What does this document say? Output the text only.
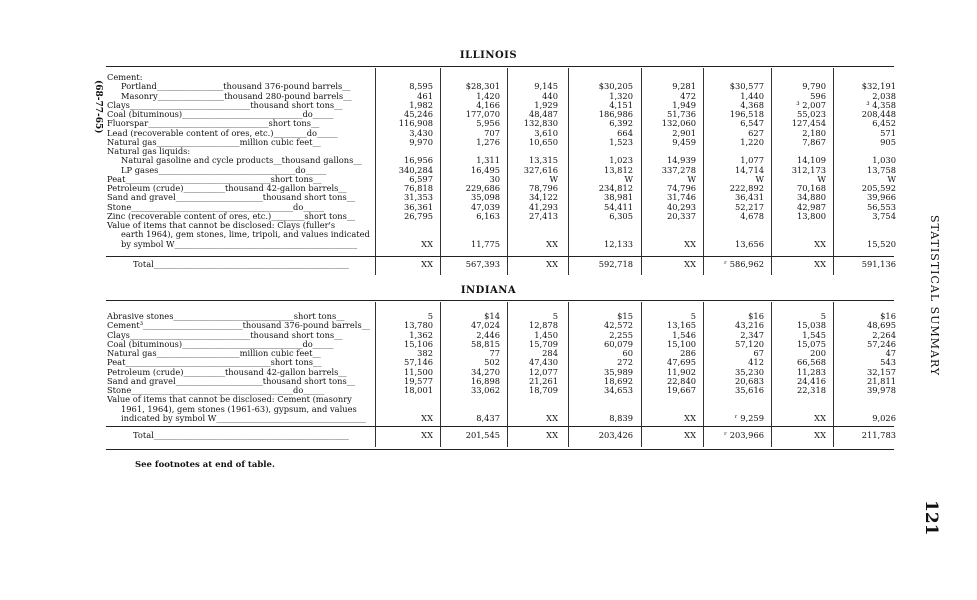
(68-77-65)
STATISTICAL SUMMARY
121
ILLINOIS
INDIANA
See footnotes at end of table.
Cement:
Portland________________thousand 376-pound barrels__	8,595	$28,301	9,145	$30,205	9,281	$30,577	9,790	$32,191
Masonry________________thousand 280-pound barrels__	461	1,420	440	1,320	472	1,440	596	2,038
Clays_____________________________thousand short tons__	1,982	4,166	1,929	4,151	1,949	4,368	³ 2,007	³ 4,358
Coal (bituminous)_____________________________do_____	45,246	177,070	48,487	186,986	51,736	196,518	55,023	208,448
Fluorspar_____________________________short tons__	116,908	5,956	132,830	6,392	132,060	6,547	127,454	6,452
Lead (recoverable content of ores, etc.)________do_____	3,430	707	3,610	664	2,901	627	2,180	571
Natural gas____________________million cubic feet__	9,970	1,276	10,650	1,523	9,459	1,220	7,867	905
Natural gas liquids:
Natural gasoline and cycle products__thousand gallons__	16,956	1,311	13,315	1,023	14,939	1,077	14,109	1,030
LP gases_________________________________do_____	340,284	16,495	327,616	13,812	337,278	14,714	312,173	13,758
Peat___________________________________short tons__	6,597	30	W	W	W	W	W	W
Petroleum (crude)__________thousand 42-gallon barrels__	76,818	229,686	78,796	234,812	74,796	222,892	70,168	205,592
Sand and gravel_____________________thousand short tons__	31,353	35,098	34,122	38,981	31,746	36,431	34,880	39,966
Stone_______________________________________do_____	36,361	47,039	41,293	54,411	40,293	52,217	42,987	56,553
Zinc (recoverable content of ores, etc.)________short tons__	26,795	6,163	27,413	6,305	20,337	4,678	13,800	3,754
Value of items that cannot be disclosed: Clays (fuller's
earth 1964), gem stones, lime, tripoli, and values indicated
by symbol W____________________________________________	XX	11,775	XX	12,133	XX	13,656	XX	15,520
Total_______________________________________________	XX	567,393	XX	592,718	XX	ʳ 586,962	XX	591,136
Abrasive stones_____________________________short tons__	5	$14	5	$15	5	$16	5	$16
Cement³________________________thousand 376-pound barrels__	13,780	47,024	12,878	42,572	13,165	43,216	15,038	48,695
Clays_____________________________thousand short tons__	1,362	2,446	1,450	2,255	1,546	2,347	1,545	2,264
Coal (bituminous)_____________________________do_____	15,106	58,815	15,709	60,079	15,100	57,120	15,075	57,246
Natural gas____________________million cubic feet__	382	77	284	60	286	67	200	47
Peat___________________________________short tons__	57,146	502	47,430	272	47,695	412	66,568	543
Petroleum (crude)__________thousand 42-gallon barrels__	11,500	34,270	12,077	35,989	11,902	35,230	11,283	32,157
Sand and gravel_____________________thousand short tons__	19,577	16,898	21,261	18,692	22,840	20,683	24,416	21,811
Stone_______________________________________do_____	18,001	33,062	18,709	34,653	19,667	35,616	22,318	39,978
Value of items that cannot be disclosed: Cement (masonry
1961, 1964), gem stones (1961-63), gypsum, and values
indicated by symbol W____________________________________	XX	8,437	XX	8,839	XX	ʳ 9,259	XX	9,026
Total_______________________________________________	XX	201,545	XX	203,426	XX	ʳ 203,966	XX	211,783
